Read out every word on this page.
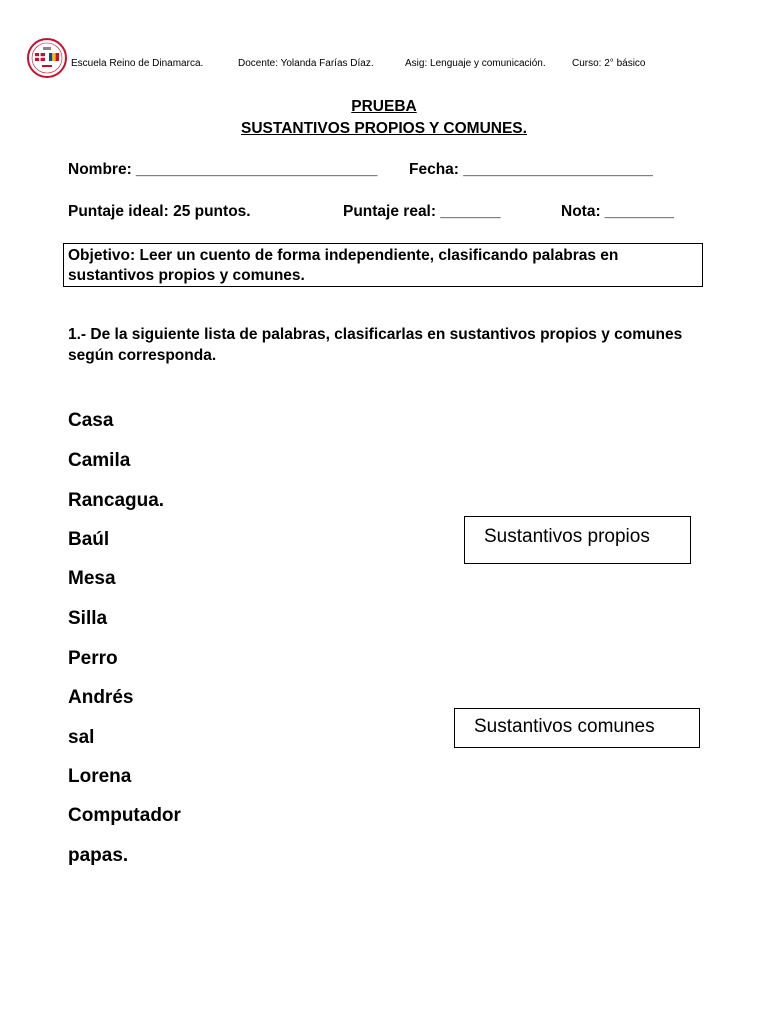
Escuela Reino de Dinamarca.	Docente: Yolanda Farías Díaz.	Asig: Lenguaje y comunicación.	Curso: 2° básico
PRUEBA
SUSTANTIVOS PROPIOS Y COMUNES.
Nombre: ____________________________ Fecha: ______________________
Puntaje ideal: 25 puntos.	Puntaje real: _______	Nota: ________
Objetivo: Leer un cuento de forma independiente, clasificando palabras en sustantivos propios y comunes.
1.- De la siguiente lista de palabras, clasificarlas en sustantivos propios y comunes según corresponda.
Casa
Camila
Rancagua.
Baúl
Mesa
Silla
Perro
Andrés
sal
Lorena
Computador
papas.
Sustantivos propios
Sustantivos comunes
